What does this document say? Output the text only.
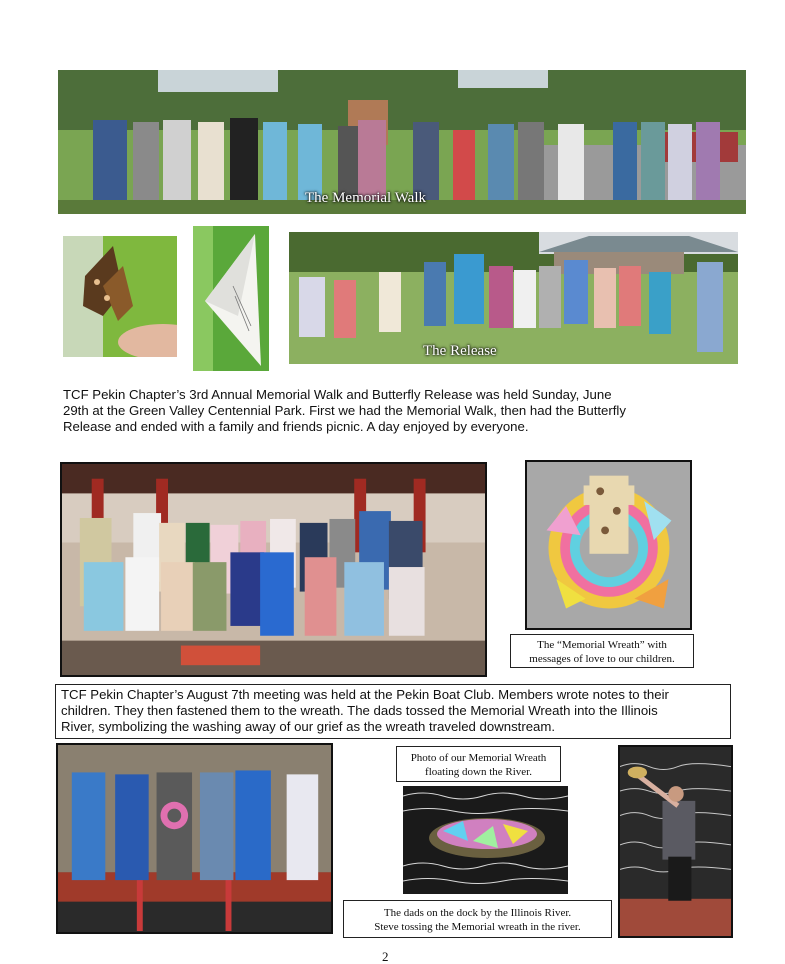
The Memorial Walk
The Release
TCF Pekin Chapter’s 3rd Annual Memorial Walk and Butterfly Release was held Sunday, June
29th at the Green Valley Centennial Park. First we had the Memorial Walk, then had the Butterfly
Release and ended with a family and friends picnic. A day enjoyed by everyone.
The “Memorial Wreath” with
messages of love to our children.
TCF Pekin Chapter’s August 7th meeting was held at the Pekin Boat Club. Members wrote notes to their
children. They then fastened them to the wreath. The dads tossed the Memorial Wreath into the Illinois
River, symbolizing the washing away of our grief as the wreath traveled downstream.
Photo of our Memorial Wreath
floating down the River.
The dads on the dock by the Illinois River.
Steve tossing the Memorial wreath in the river.
2
